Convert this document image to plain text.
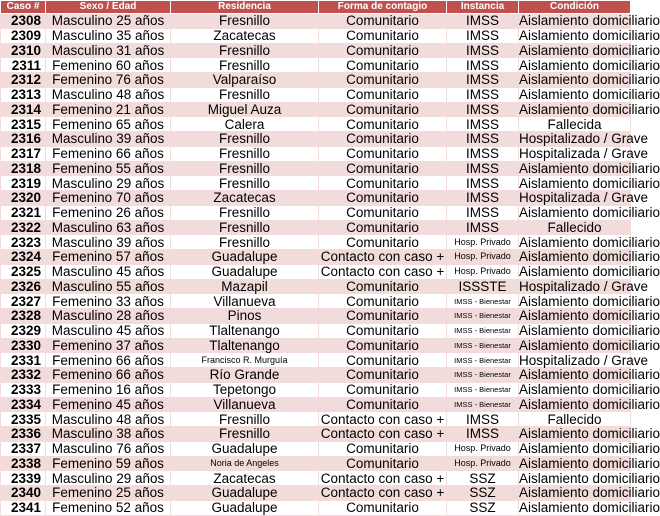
Caso #	Sexo / Edad	Residencia	Forma de contagio	Instancia	Condición
2308	Masculino 25 años	Fresnillo	Comunitario	IMSS	Aislamiento domiciliario
2309	Masculino 35 años	Zacatecas	Comunitario	IMSS	Aislamiento domiciliario
2310	Masculino 31 años	Fresnillo	Comunitario	IMSS	Aislamiento domiciliario
2311	Femenino 60 años	Fresnillo	Comunitario	IMSS	Aislamiento domiciliario
2312	Femenino 76 años	Valparaíso	Comunitario	IMSS	Aislamiento domiciliario
2313	Masculino 48 años	Fresnillo	Comunitario	IMSS	Aislamiento domiciliario
2314	Femenino 21 años	Miguel Auza	Comunitario	IMSS	Aislamiento domiciliario
2315	Femenino 65 años	Calera	Comunitario	IMSS	Fallecida
2316	Masculino 39 años	Fresnillo	Comunitario	IMSS	Hospitalizado / Grave
2317	Femenino 66 años	Fresnillo	Comunitario	IMSS	Hospitalizada / Grave
2318	Femenino 55 años	Fresnillo	Comunitario	IMSS	Aislamiento domiciliario
2319	Masculino 29 años	Fresnillo	Comunitario	IMSS	Aislamiento domiciliario
2320	Femenino 70 años	Zacatecas	Comunitario	IMSS	Hospitalizada / Grave
2321	Femenino 26 años	Fresnillo	Comunitario	IMSS	Aislamiento domiciliario
2322	Masculino 63 años	Fresnillo	Comunitario	IMSS	Fallecido
2323	Masculino 39 años	Fresnillo	Comunitario	Hosp. Privado	Aislamiento domiciliario
2324	Femenino 57 años	Guadalupe	Contacto con caso +	Hosp. Privado	Aislamiento domiciliario
2325	Masculino 45 años	Guadalupe	Contacto con caso +	Hosp. Privado	Aislamiento domiciliario
2326	Masculino 55 años	Mazapil	Comunitario	ISSSTE	Hospitalizado / Grave
2327	Femenino 33 años	Villanueva	Comunitario	IMSS - Bienestar	Aislamiento domiciliario
2328	Masculino 28 años	Pinos	Comunitario	IMSS - Bienestar	Aislamiento domiciliario
2329	Masculino 45 años	Tlaltenango	Comunitario	IMSS - Bienestar	Aislamiento domiciliario
2330	Femenino 37 años	Tlaltenango	Comunitario	IMSS - Bienestar	Aislamiento domiciliario
2331	Femenino 66 años	Francisco R. Murguía	Comunitario	IMSS - Bienestar	Hospitalizado / Grave
2332	Femenino 66 años	Río Grande	Comunitario	IMSS - Bienestar	Aislamiento domiciliario
2333	Femenino 16 años	Tepetongo	Comunitario	IMSS - Bienestar	Aislamiento domiciliario
2334	Femenino 45 años	Villanueva	Comunitario	IMSS - Bienestar	Aislamiento domiciliario
2335	Masculino 48 años	Fresnillo	Contacto con caso +	IMSS	Fallecido
2336	Masculino 38 años	Fresnillo	Contacto con caso +	IMSS	Aislamiento domiciliario
2337	Masculino 76 años	Guadalupe	Comunitario	Hosp. Privado	Aislamiento domiciliario
2338	Femenino 59 años	Noria de Angeles	Comunitario	Hosp. Privado	Aislamiento domiciliario
2339	Masculino 29 años	Zacatecas	Contacto con caso +	SSZ	Aislamiento domiciliario
2340	Femenino 25 años	Guadalupe	Contacto con caso +	SSZ	Aislamiento domiciliario
2341	Femenino 52 años	Guadalupe	Comunitario	SSZ	Aislamiento domiciliario
